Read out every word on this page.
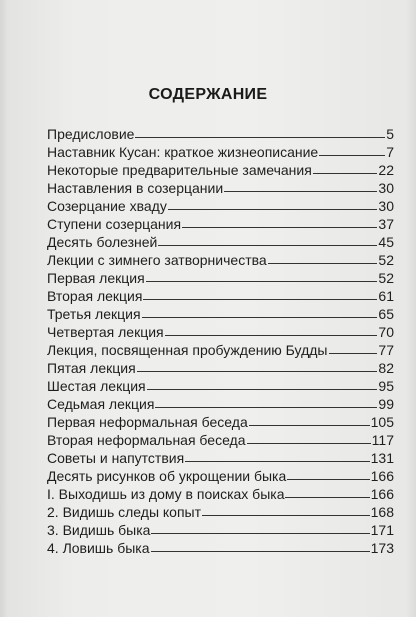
СОДЕРЖАНИЕ
Предисловие	5
Наставник Кусан: краткое жизнеописание	7
Некоторые предварительные замечания	22
Наставления в созерцании	30
Созерцание хваду	30
Ступени созерцания	37
Десять болезней	45
Лекции с зимнего затворничества	52
Первая лекция	52
Вторая лекция	61
Третья лекция	65
Четвертая лекция	70
Лекция, посвященная пробуждению Будды	77
Пятая лекция	82
Шестая лекция	95
Седьмая лекция	99
Первая неформальная беседа	105
Вторая неформальная беседа	117
Советы и напутствия	131
Десять рисунков об укрощении быка	166
I. Выходишь из дому в поисках быка	166
2. Видишь следы копыт	168
3. Видишь быка	171
4. Ловишь быка	173
